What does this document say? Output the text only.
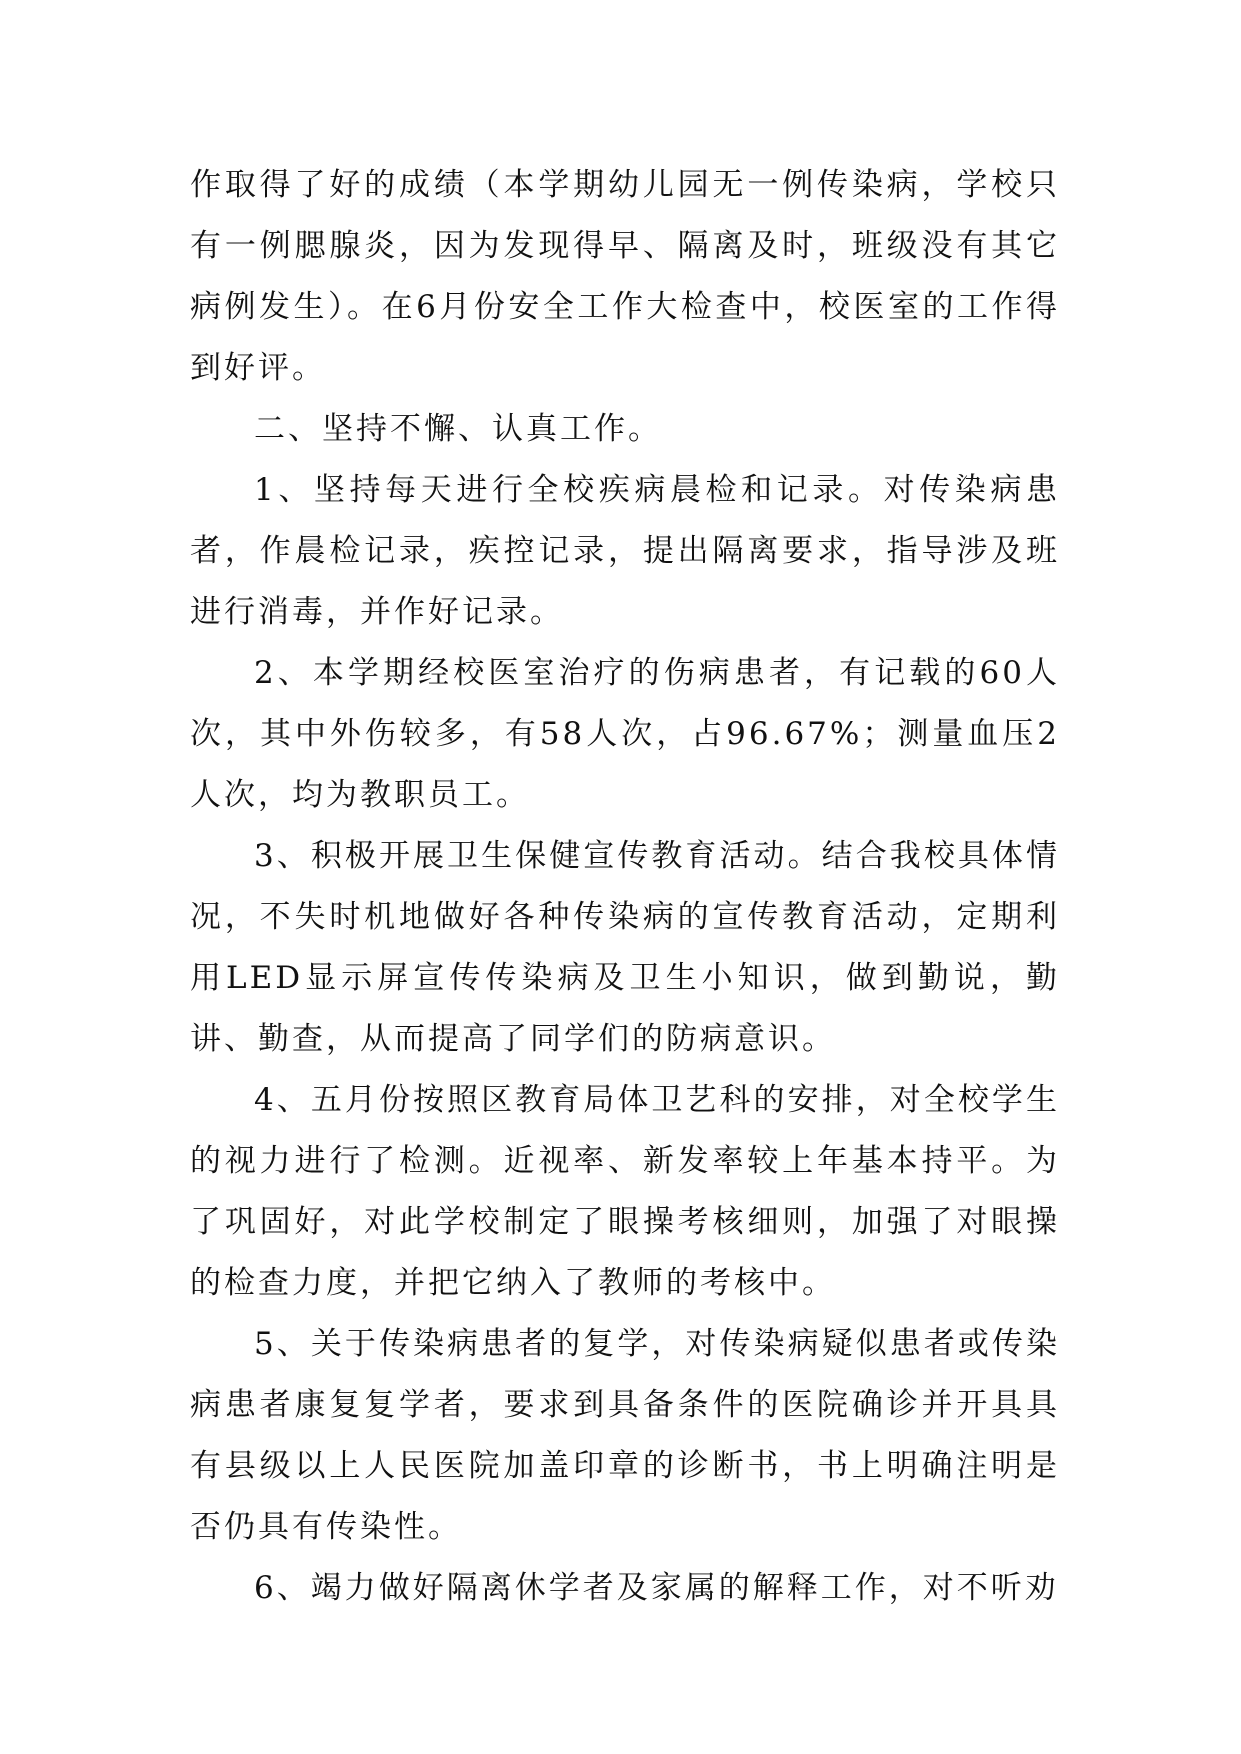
作取得了好的成绩（本学期幼儿园无一例传染病，学校只有一例腮腺炎，因为发现得早、隔离及时，班级没有其它病例发生）。在6月份安全工作大检查中，校医室的工作得到好评。

二、坚持不懈、认真工作。

1、坚持每天进行全校疾病晨检和记录。对传染病患者，作晨检记录，疾控记录，提出隔离要求，指导涉及班进行消毒，并作好记录。

2、本学期经校医室治疗的伤病患者，有记载的60人次，其中外伤较多，有58人次，占96.67%；测量血压2人次，均为教职员工。

3、积极开展卫生保健宣传教育活动。结合我校具体情况，不失时机地做好各种传染病的宣传教育活动，定期利用LED显示屏宣传传染病及卫生小知识，做到勤说，勤讲、勤查，从而提高了同学们的防病意识。

4、五月份按照区教育局体卫艺科的安排，对全校学生的视力进行了检测。近视率、新发率较上年基本持平。为了巩固好，对此学校制定了眼操考核细则，加强了对眼操的检查力度，并把它纳入了教师的考核中。

5、关于传染病患者的复学，对传染病疑似患者或传染病患者康复复学者，要求到具备条件的医院确诊并开具具有县级以上人民医院加盖印章的诊断书，书上明确注明是否仍具有传染性。

6、竭力做好隔离休学者及家属的解释工作，对不听劝
